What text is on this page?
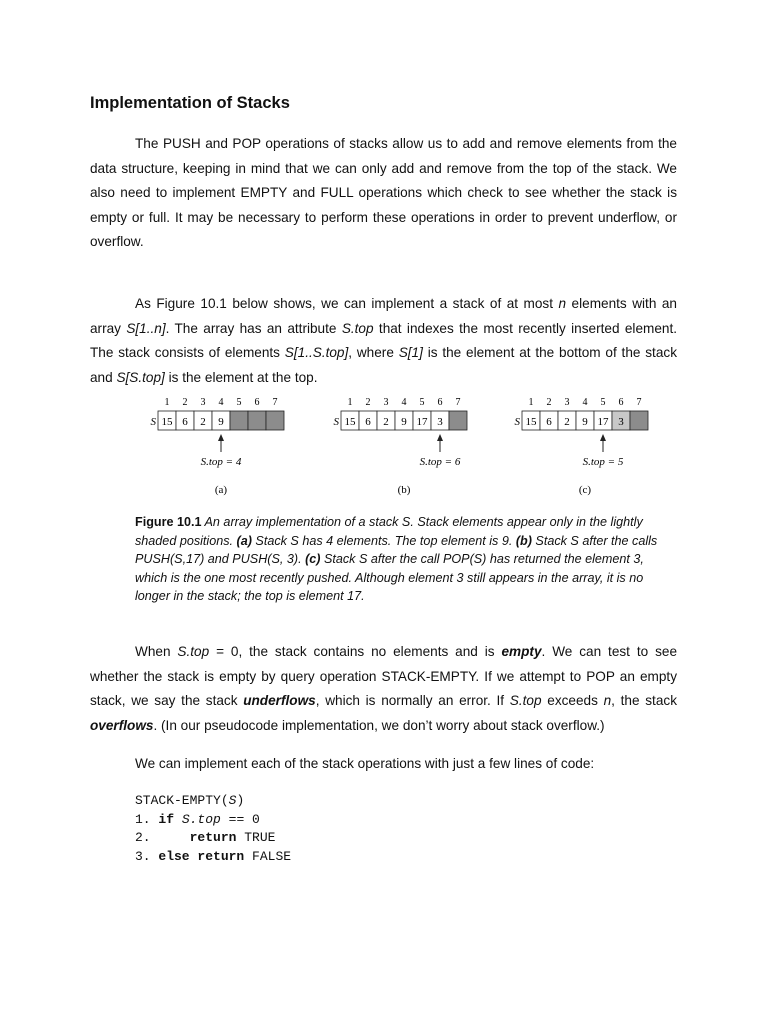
Implementation of Stacks

The PUSH and POP operations of stacks allow us to add and remove elements from the data structure, keeping in mind that we can only add and remove from the top of the stack. We also need to implement EMPTY and FULL operations which check to see whether the stack is empty or full. It may be necessary to perform these operations in order to prevent underflow, or overflow.

As Figure 10.1 below shows, we can implement a stack of at most n elements with an array S[1..n]. The array has an attribute S.top that indexes the most recently inserted element. The stack consists of elements S[1..S.top], where S[1] is the element at the bottom of the stack and S[S.top] is the element at the top.

S
1 2 3 4 5 6 7
15 6 2 9
S.top = 4
(a)
S
1 2 3 4 5 6 7
15 6 2 9 17 3
S.top = 6
(b)
S
1 2 3 4 5 6 7
15 6 2 9 17 3
S.top = 5
(c)

Figure 10.1 An array implementation of a stack S. Stack elements appear only in the lightly shaded positions. (a) Stack S has 4 elements. The top element is 9. (b) Stack S after the calls PUSH(S,17) and PUSH(S, 3). (c) Stack S after the call POP(S) has returned the element 3, which is the one most recently pushed. Although element 3 still appears in the array, it is no longer in the stack; the top is element 17.

When S.top = 0, the stack contains no elements and is empty. We can test to see whether the stack is empty by query operation STACK-EMPTY. If we attempt to POP an empty stack, we say the stack underflows, which is normally an error. If S.top exceeds n, the stack overflows. (In our pseudocode implementation, we don’t worry about stack overflow.)

We can implement each of the stack operations with just a few lines of code:

STACK-EMPTY(S)
1. if S.top == 0
2.     return TRUE
3. else return FALSE
